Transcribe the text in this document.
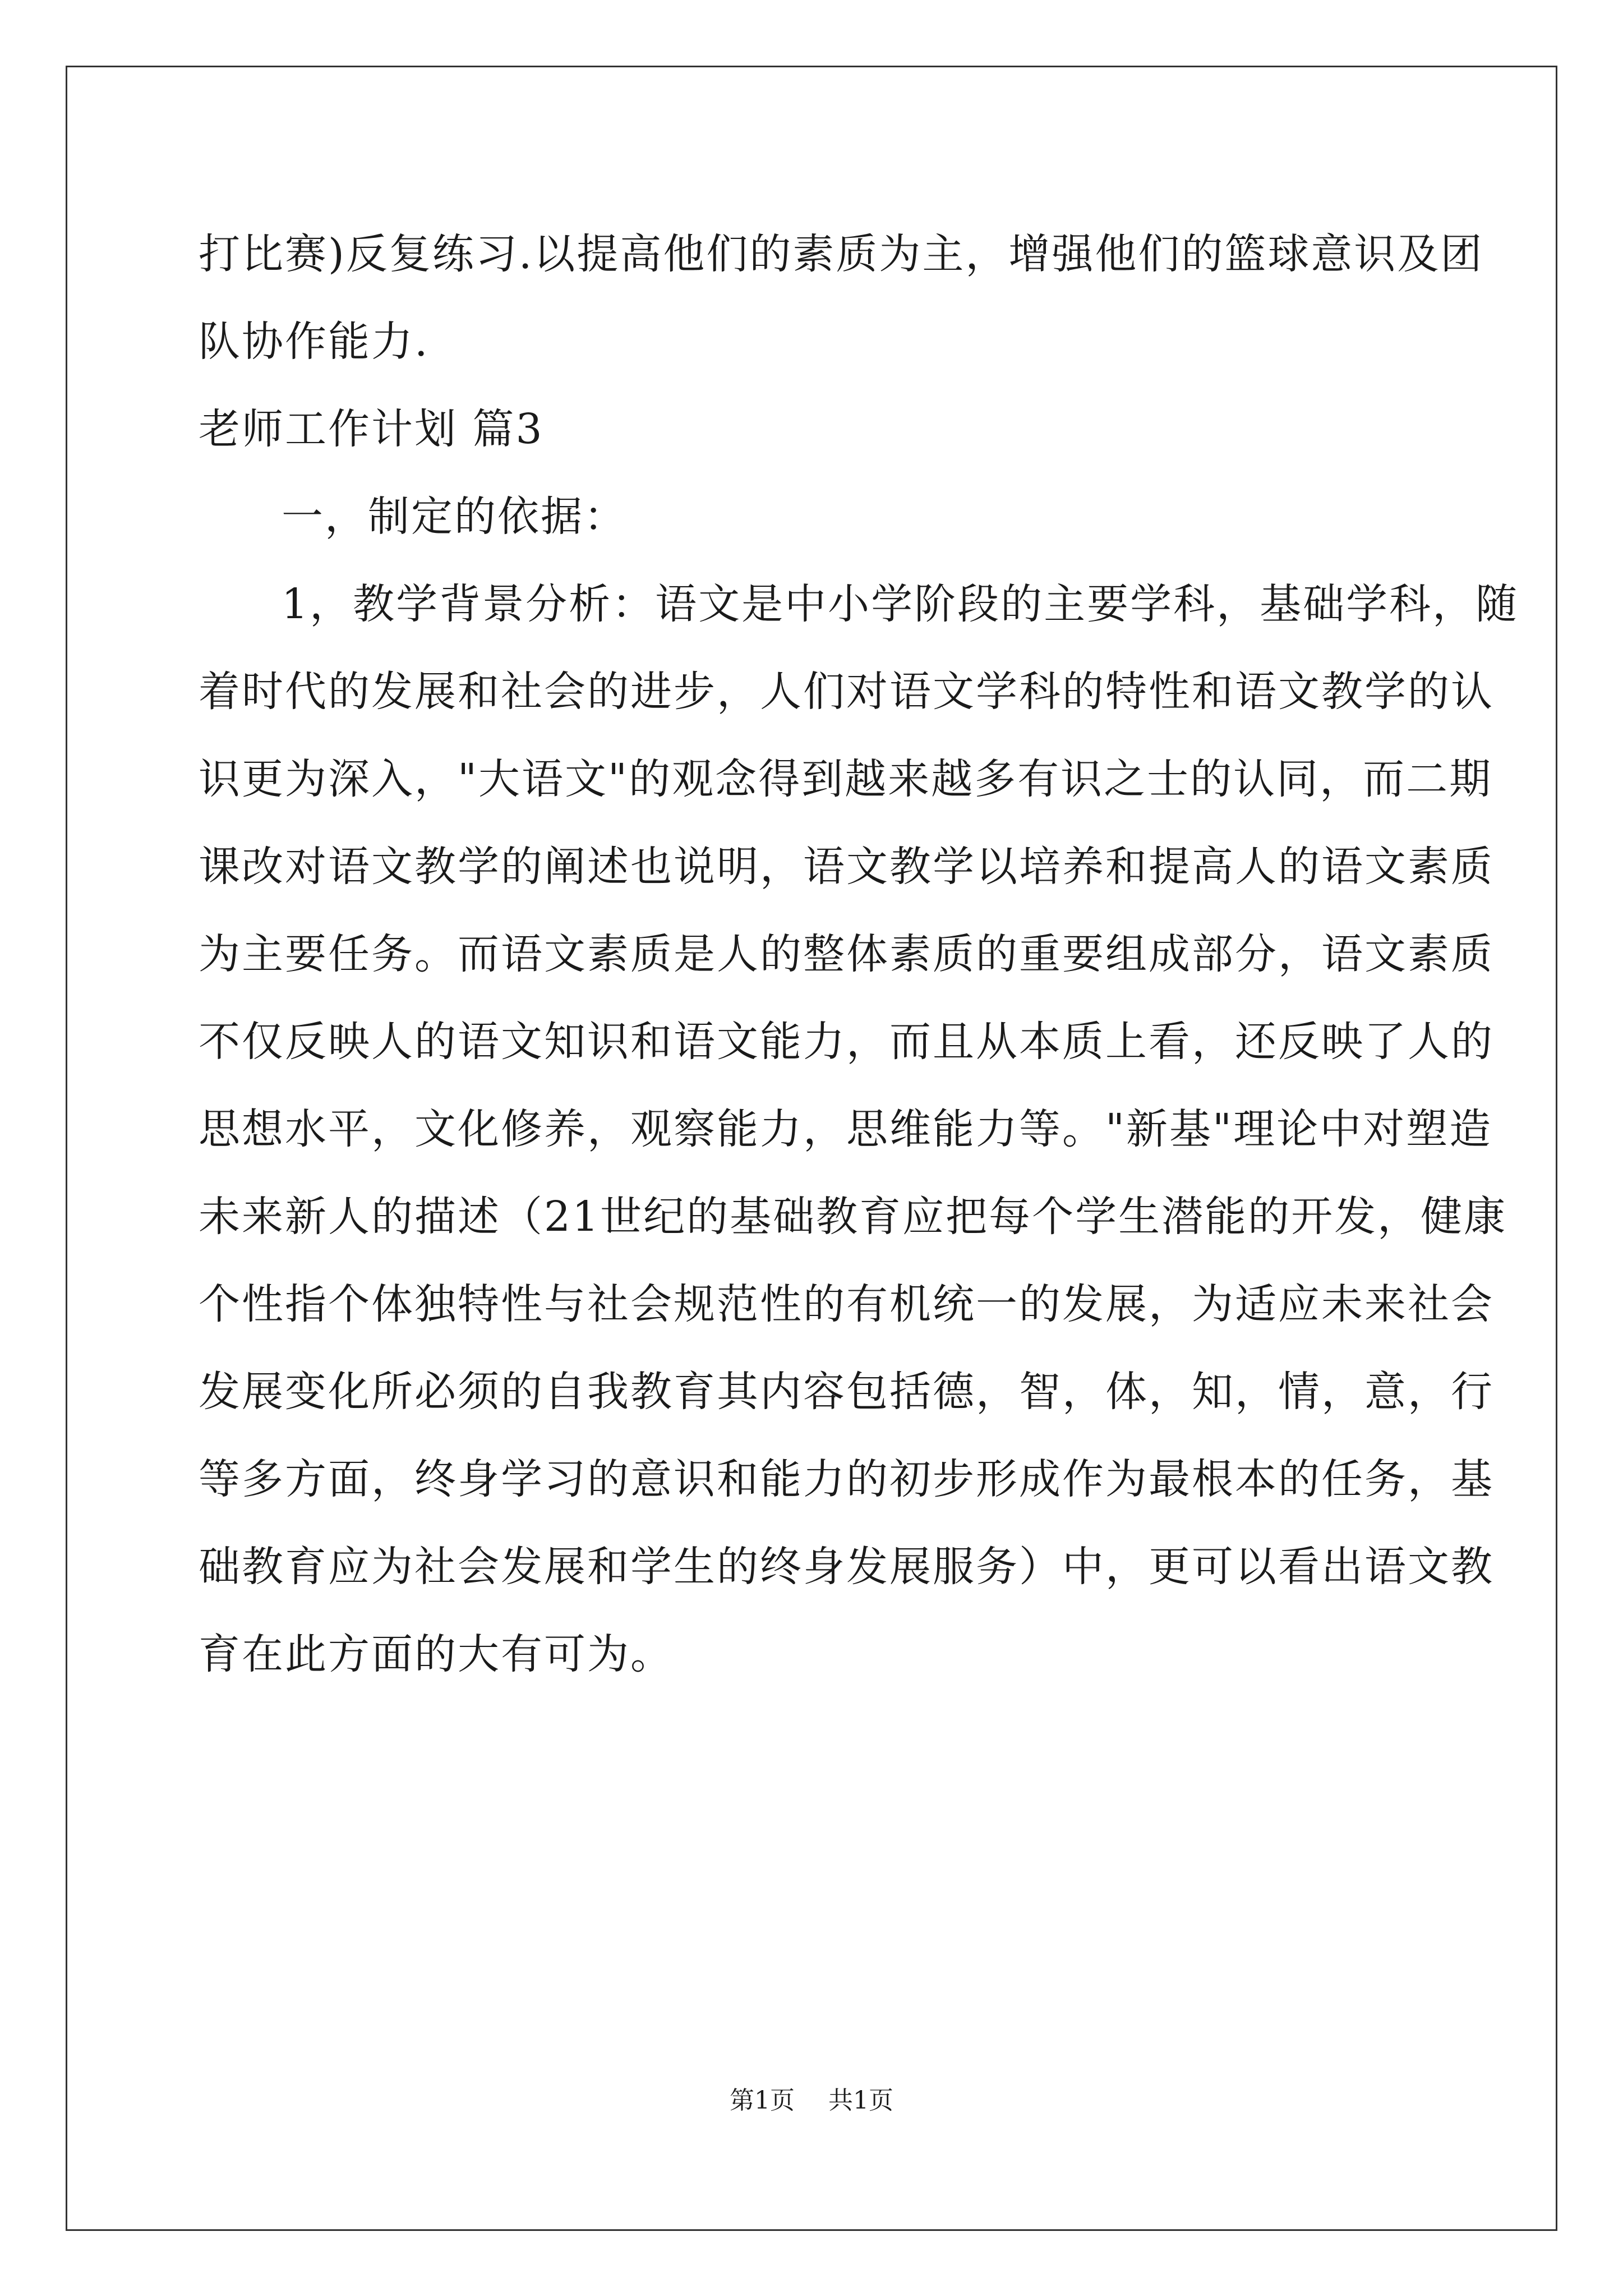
打比赛)反复练习.以提高他们的素质为主，增强他们的篮球意识及团
队协作能力.
老师工作计划 篇3
一，制定的依据：
1，教学背景分析：语文是中小学阶段的主要学科，基础学科，随
着时代的发展和社会的进步，人们对语文学科的特性和语文教学的认
识更为深入，"大语文"的观念得到越来越多有识之士的认同，而二期
课改对语文教学的阐述也说明，语文教学以培养和提高人的语文素质
为主要任务。而语文素质是人的整体素质的重要组成部分，语文素质
不仅反映人的语文知识和语文能力，而且从本质上看，还反映了人的
思想水平，文化修养，观察能力，思维能力等。"新基"理论中对塑造
未来新人的描述（21世纪的基础教育应把每个学生潜能的开发，健康
个性指个体独特性与社会规范性的有机统一的发展，为适应未来社会
发展变化所必须的自我教育其内容包括德，智，体，知，情，意，行
等多方面，终身学习的意识和能力的初步形成作为最根本的任务，基
础教育应为社会发展和学生的终身发展服务）中，更可以看出语文教
育在此方面的大有可为。
第1页 共1页
